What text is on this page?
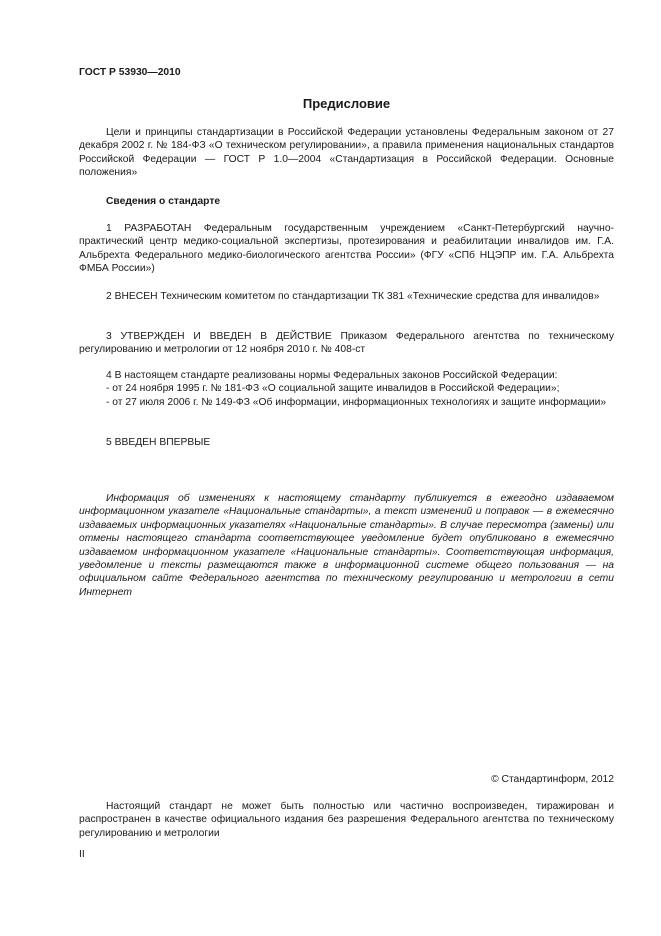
ГОСТ Р 53930—2010
Предисловие

Цели и принципы стандартизации в Российской Федерации установлены Федеральным законом от 27 декабря 2002 г. № 184-ФЗ «О техническом регулировании», а правила применения национальных стандартов Российской Федерации — ГОСТ Р 1.0—2004 «Стандартизация в Российской Федерации. Основные положения»

Сведения о стандарте

1 РАЗРАБОТАН Федеральным государственным учреждением «Санкт-Петербургский научно-практический центр медико-социальной экспертизы, протезирования и реабилитации инвалидов им. Г.А. Альбрехта Федерального медико-биологического агентства России» (ФГУ «СПб НЦЭПР им. Г.А. Альбрехта ФМБА России»)

2 ВНЕСЕН Техническим комитетом по стандартизации ТК 381 «Технические средства для инвалидов»

3 УТВЕРЖДЕН И ВВЕДЕН В ДЕЙСТВИЕ Приказом Федерального агентства по техническому регулированию и метрологии от 12 ноября 2010 г. № 408-ст

4 В настоящем стандарте реализованы нормы Федеральных законов Российской Федерации:
- от 24 ноября 1995 г. № 181-ФЗ «О социальной защите инвалидов в Российской Федерации»;
- от 27 июля 2006 г. № 149-ФЗ «Об информации, информационных технологиях и защите информации»
5 ВВЕДЕН ВПЕРВЫЕ

Информация об изменениях к настоящему стандарту публикуется в ежегодно издаваемом информационном указателе «Национальные стандарты», а текст изменений и поправок — в ежемесячно издаваемых информационных указателях «Национальные стандарты». В случае пересмотра (замены) или отмены настоящего стандарта соответствующее уведомление будет опубликовано в ежемесячно издаваемом информационном указателе «Национальные стандарты». Соответствующая информация, уведомление и тексты размещаются также в информационной системе общего пользования — на официальном сайте Федерального агентства по техническому регулированию и метрологии в сети Интернет

© Стандартинформ, 2012

Настоящий стандарт не может быть полностью или частично воспроизведен, тиражирован и распространен в качестве официального издания без разрешения Федерального агентства по техническому регулированию и метрологии

II
